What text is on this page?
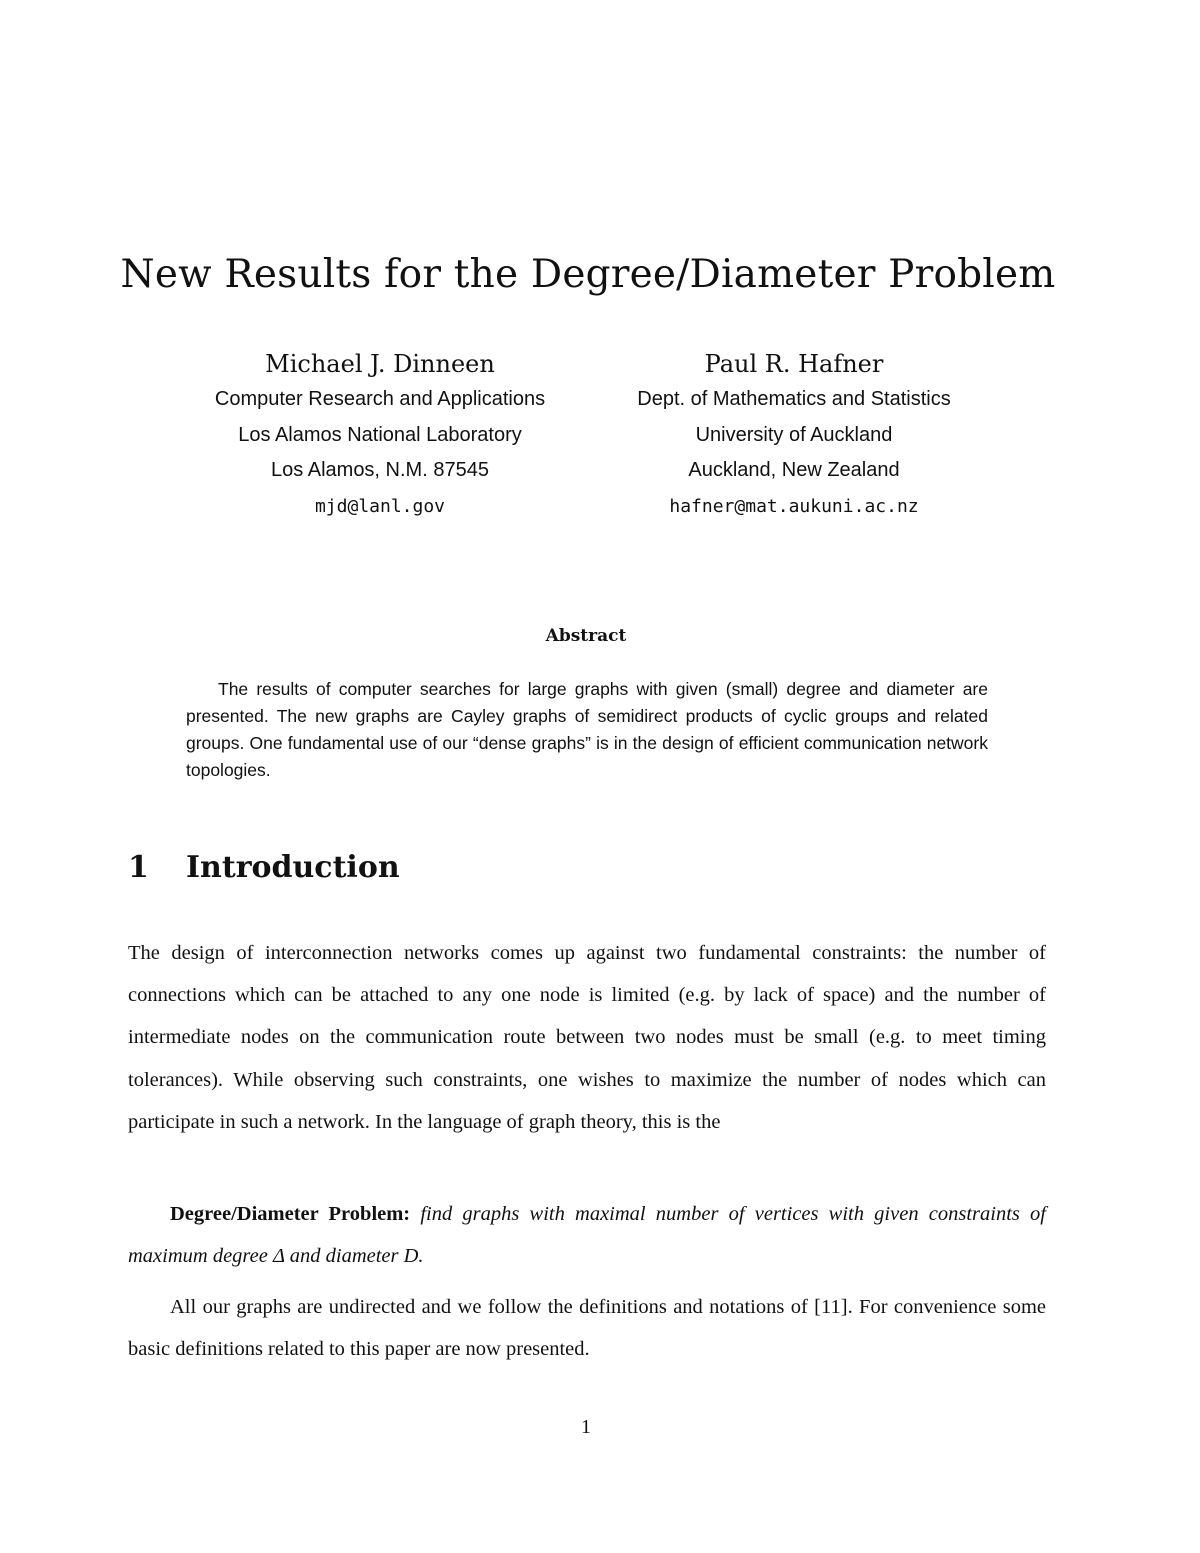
New Results for the Degree/Diameter Problem
Michael J. Dinneen
Computer Research and Applications
Los Alamos National Laboratory
Los Alamos, N.M. 87545
mjd@lanl.gov
Paul R. Hafner
Dept. of Mathematics and Statistics
University of Auckland
Auckland, New Zealand
hafner@mat.aukuni.ac.nz
Abstract

The results of computer searches for large graphs with given (small) degree and diameter are presented. The new graphs are Cayley graphs of semidirect products of cyclic groups and related groups. One fundamental use of our “dense graphs” is in the design of efficient communication network topologies.

1 Introduction

The design of interconnection networks comes up against two fundamental constraints: the number of connections which can be attached to any one node is limited (e.g. by lack of space) and the number of intermediate nodes on the communication route between two nodes must be small (e.g. to meet timing tolerances). While observing such constraints, one wishes to maximize the number of nodes which can participate in such a network. In the language of graph theory, this is the

Degree/Diameter Problem: find graphs with maximal number of vertices with given constraints of maximum degree Δ and diameter D.

All our graphs are undirected and we follow the definitions and notations of [11]. For convenience some basic definitions related to this paper are now presented.

1
